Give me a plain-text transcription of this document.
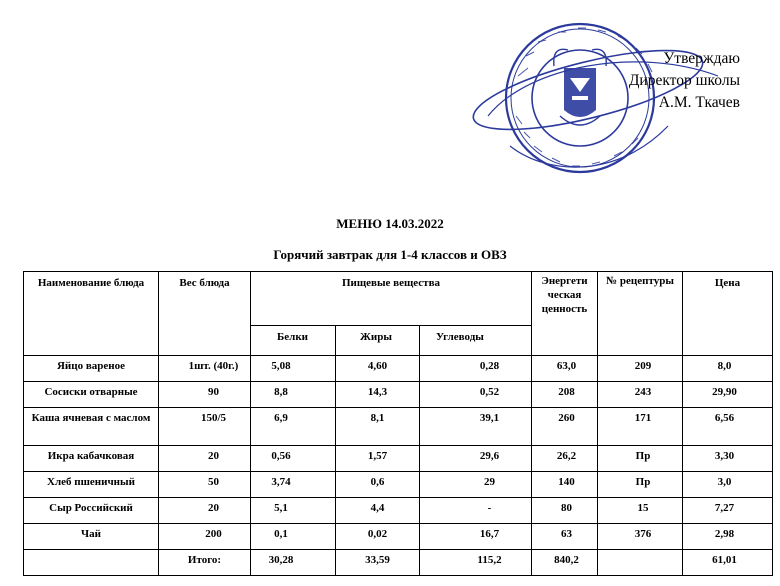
Утверждаю
Директор школы
А.М. Ткачев
МЕНЮ 14.03.2022
Горячий завтрак для 1-4 классов и ОВЗ
Наименование блюда	Вес блюда	Пищевые вещества			Энергети ческая ценность	№ рецептуры	Цена
		Белки	Жиры	Углеводы			
Яйцо вареное	1шт. (40г.)	5,08	4,60	0,28	63,0	209	8,0
Сосиски отварные	90	8,8	14,3	0,52	208	243	29,90
Каша ячневая с маслом	150/5	6,9	8,1	39,1	260	171	6,56
Икра кабачковая	20	0,56	1,57	29,6	26,2	Пр	3,30
Хлеб пшеничный	50	3,74	0,6	29	140	Пр	3,0
Сыр Российский	20	5,1	4,4	-	80	15	7,27
Чай	200	0,1	0,02	16,7	63	376	2,98
	Итого:	30,28	33,59	115,2	840,2		61,01
